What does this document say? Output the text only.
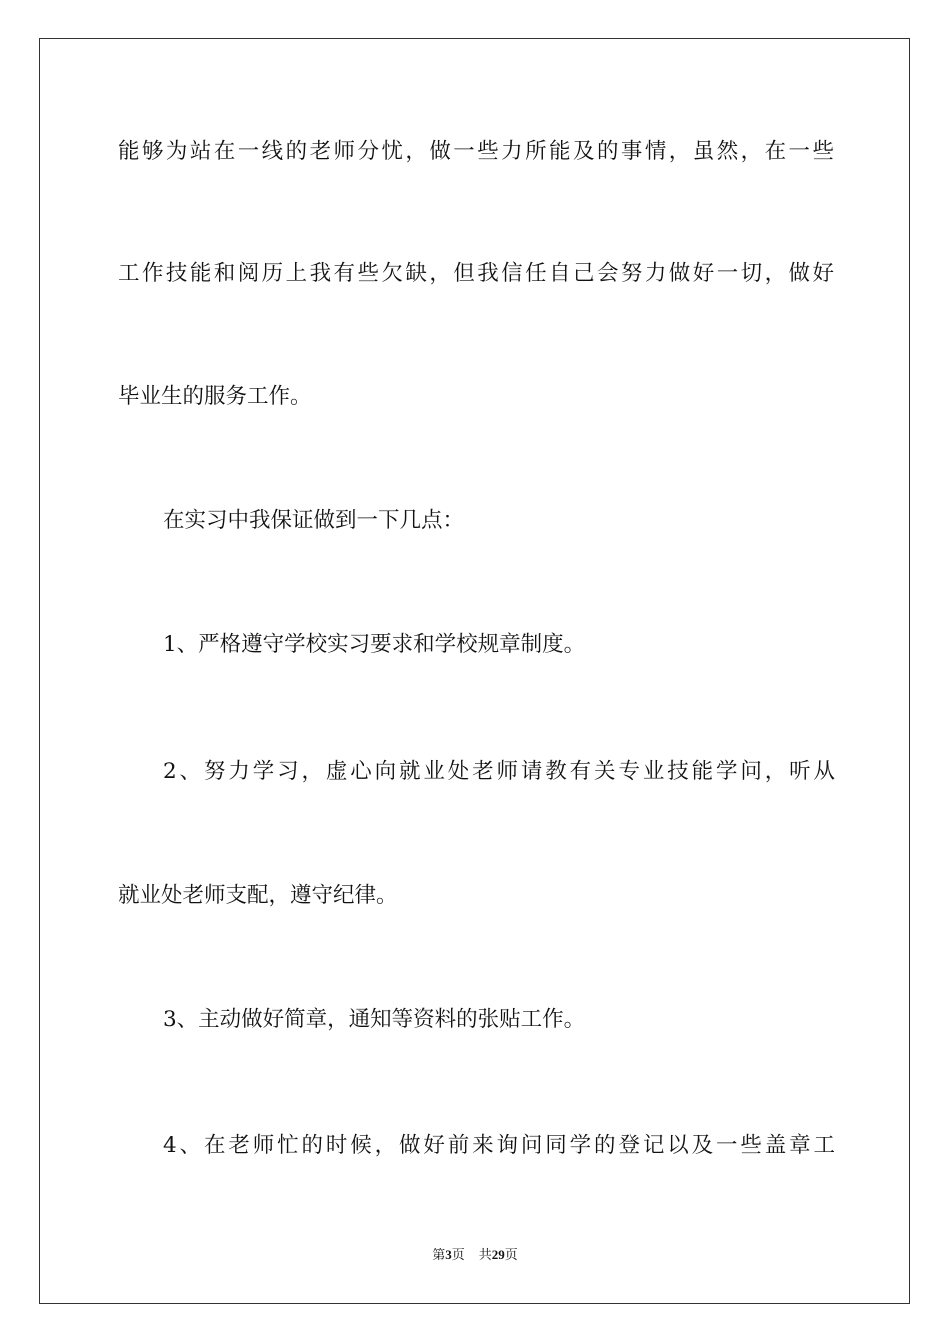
能够为站在一线的老师分忧，做一些力所能及的事情，虽然，在一些
工作技能和阅历上我有些欠缺，但我信任自己会努力做好一切，做好
毕业生的服务工作。
在实习中我保证做到一下几点：
1、严格遵守学校实习要求和学校规章制度。
2、努力学习，虚心向就业处老师请教有关专业技能学问，听从
就业处老师支配，遵守纪律。
3、主动做好简章，通知等资料的张贴工作。
4、在老师忙的时候，做好前来询问同学的登记以及一些盖章工
第3页 共29页
